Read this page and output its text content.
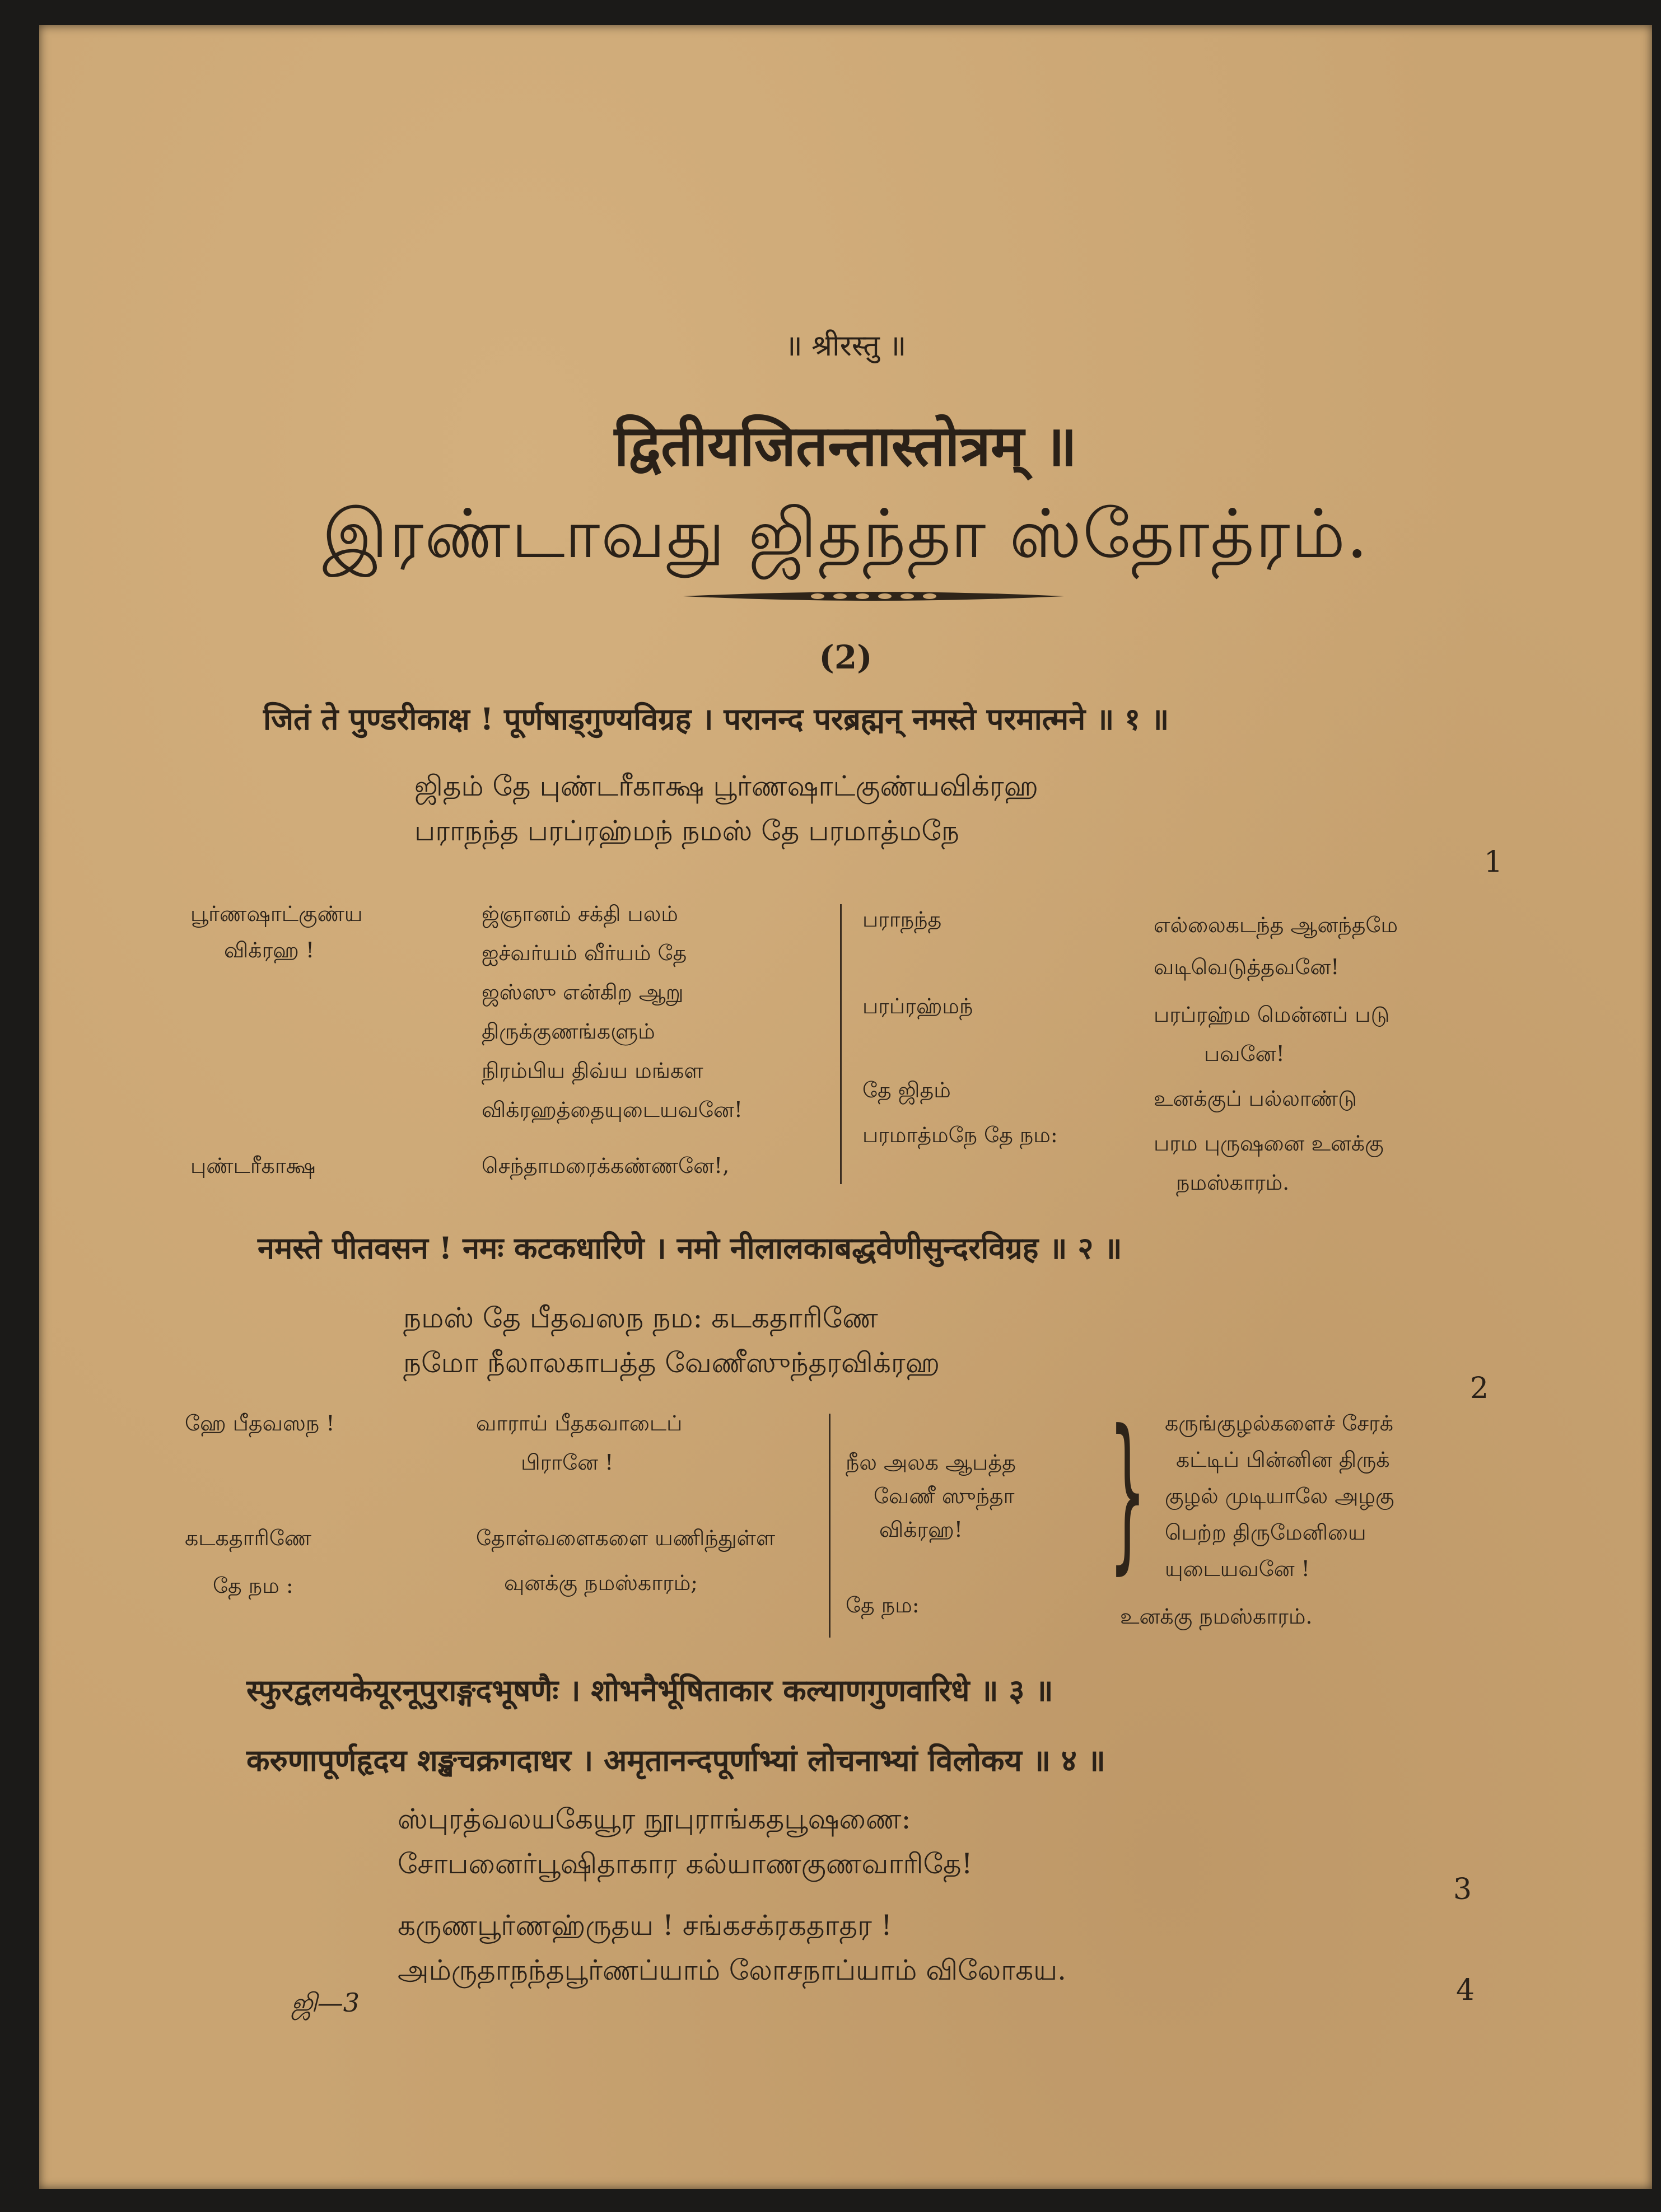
॥ श्रीरस्तु ॥
द्वितीयजितन्तास्तोत्रम् ॥
இரண்டாவது ஜிதந்தா ஸ்தோத்ரம்.
(2)
जितं ते पुण्डरीकाक्ष ! पूर्णषाड्गुण्यविग्रह । परानन्द परब्रह्मन् नमस्ते परमात्मने ॥ १ ॥
ஜிதம் தே புண்டரீகாக்ஷ பூர்ணஷாட்குண்யவிக்ரஹ
பராநந்த பரப்ரஹ்மந் நமஸ் தே பரமாத்மநே
1
பூர்ணஷாட்குண்ய
விக்ரஹ !
புண்டரீகாக்ஷ
ஜ்ஞானம் சக்தி பலம்
ஐச்வர்யம் வீர்யம் தே
ஜஸ்ஸு என்கிற ஆறு
திருக்குணங்களும்
நிரம்பிய திவ்ய மங்கள
விக்ரஹத்தையுடையவனே!
செந்தாமரைக்கண்ணனே!,
பராநந்த
பரப்ரஹ்மந்
தே ஜிதம்
பரமாத்மநே தே நம:
எல்லைகடந்த ஆனந்தமே
வடிவெடுத்தவனே!
பரப்ரஹ்ம மென்னப் படு
பவனே!
உனக்குப் பல்லாண்டு
பரம புருஷனை உனக்கு
நமஸ்காரம்.
नमस्ते पीतवसन ! नमः कटकधारिणे । नमो नीलालकाबद्धवेणीसुन्दरविग्रह ॥ २ ॥
நமஸ் தே பீதவஸந நம: கடகதாரிணே
நமோ நீலாலகாபத்த வேணீஸுந்தரவிக்ரஹ
2
ஹே பீதவஸந !
கடகதாரிணே
தே நம :
வாராய் பீதகவாடைப்
பிரானே !
தோள்வளைகளை யணிந்துள்ள
வுனக்கு நமஸ்காரம்;
நீல அலக ஆபத்த
வேணீ ஸுந்தா
விக்ரஹ!
தே நம:
} கருங்குழல்களைச் சேரக்
கட்டிப் பின்னின திருக்
குழல் முடியாலே அழகு
பெற்ற திருமேனியை
யுடையவனே !
உனக்கு நமஸ்காரம்.
स्फुरद्वलयकेयूरनूपुराङ्गदभूषणैः । शोभनैर्भूषिताकार कल्याणगुणवारिधे ॥ ३ ॥
करुणापूर्णहृदय शङ्खचक्रगदाधर । अमृतानन्दपूर्णाभ्यां लोचनाभ्यां विलोकय ॥ ४ ॥
ஸ்புரத்வலயகேயூர நூபுராங்கதபூஷணை:
சோபனைர்பூஷிதாகார கல்யாணகுணவாரிதே!
3
கருணபூர்ணஹ்ருதய ! சங்கசக்ரகதாதர !
அம்ருதாநந்தபூர்ணப்யாம் லோசநாப்யாம் விலோகய.
4
ஜி—3
